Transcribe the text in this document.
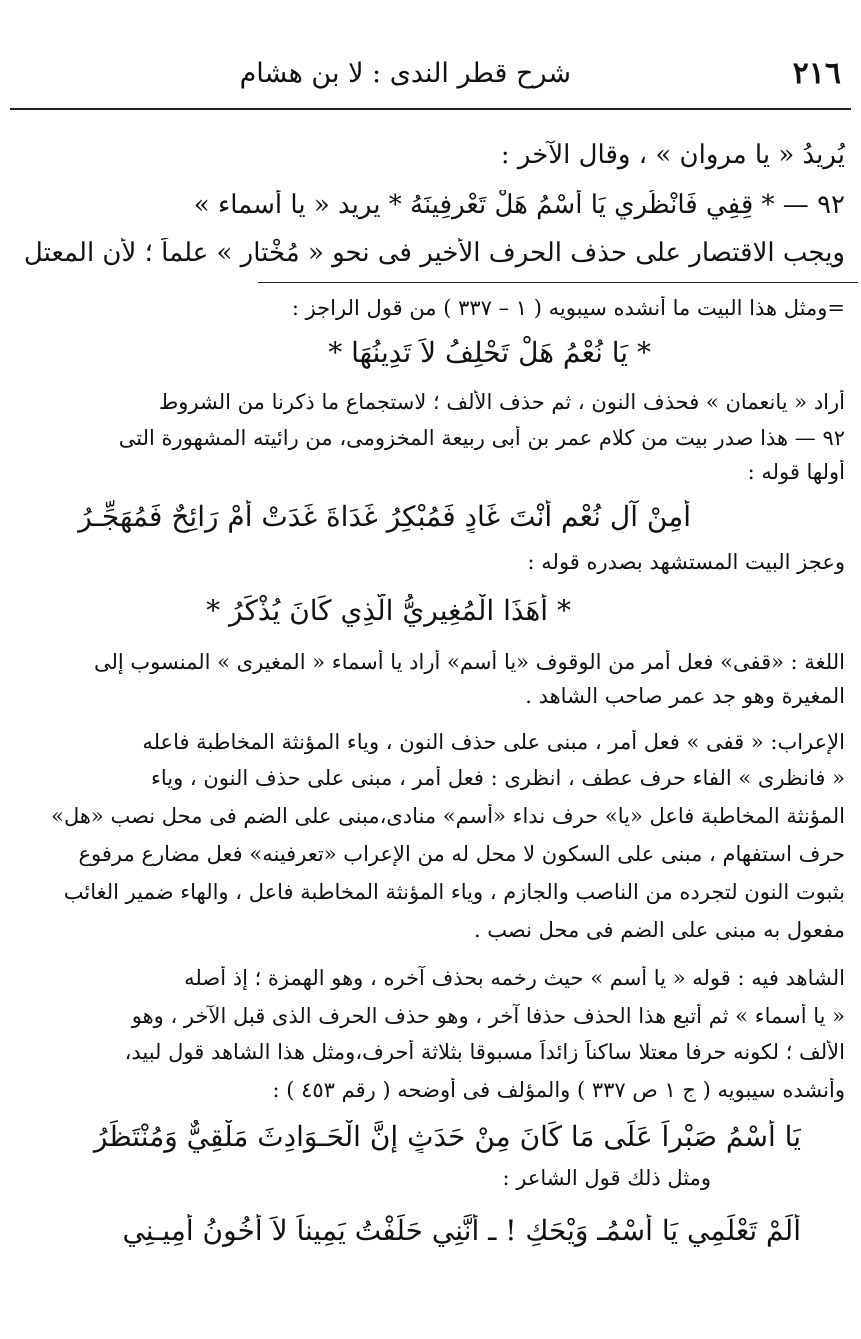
٢١٦
شرح قطر الندى : لا بن هشام
يُرِيدُ « يا مروان » ، وقال الآخر :
٩٢ — * قِفِي فَانْظُرِي يَا أَسْمُ هَلْ تَعْرِفِينَهُ * يريد « يا أسماء »
ويجب الاقتصار على حذف الحرف الأخير فى نحو « مُخْتار » علماً ؛ لأن المعتل
=ومثل هذا البيت ما أنشده سيبويه ( ١ – ٣٣٧ ) من قول الراجز :
* يَا نُعْمُ هَلْ تَحْلِفُ لاَ تَدِينُهَا *
أراد « يانعمان » فحذف النون ، ثم حذف الألف ؛ لاستجماع ما ذكرنا من الشروط
٩٢ — هذا صدر بيت من كلام عمر بن أبى ربيعة المخزومى، من رائيته المشهورة التى
أولها قوله :
أَمِنْ آلِ نُعْمٍ أَنْتَ غَادٍ فَمُبْكِرُ غَدَاةَ غَدَتْ أَمْ رَائِحٌ فَمُهَجِّـرُ
وعجز البيت المستشهد بصدره قوله :
* أَهَذَا الْمُغِيرِيُّ الَّذِي كَانَ يُذْكَرُ *
اللغة : «قفى» فعل أمر من الوقوف «يا أسم» أراد يا أسماء « المغيرى » المنسوب إلى
المغيرة وهو جد عمر صاحب الشاهد .
الإعراب: « قفى » فعل أمر ، مبنى على حذف النون ، وياء المؤنثة المخاطبة فاعله
« فانظرى » الفاء حرف عطف ، انظرى : فعل أمر ، مبنى على حذف النون ، وياء
المؤنثة المخاطبة فاعل «يا» حرف نداء «أسم» منادى،مبنى على الضم فى محل نصب «هل»
حرف استفهام ، مبنى على السكون لا محل له من الإعراب «تعرفينه» فعل مضارع مرفوع
بثبوت النون لتجرده من الناصب والجازم ، وياء المؤنثة المخاطبة فاعل ، والهاء ضمير الغائب
مفعول به مبنى على الضم فى محل نصب .
الشاهد فيه : قوله « يا أسم » حيث رخمه بحذف آخره ، وهو الهمزة ؛ إذ أصله
« يا أسماء » ثم أتبع هذا الحذف حذفا آخر ، وهو حذف الحرف الذى قبل الآخر ، وهو
الألف ؛ لكونه حرفا معتلا ساكناً زائداً مسبوقا بثلاثة أحرف،ومثل هذا الشاهد قول لبيد،
وأنشده سيبويه ( ج ١ ص ٣٣٧ ) والمؤلف فى أوضحه ( رقم ٤٥٣ ) :
يَا أَسْمُ صَبْراً عَلَى مَا كَانَ مِنْ حَدَثٍ إِنَّ الْحَـوَادِثَ مَلْقِيٌّ وَمُنْتَظَرُ
ومثل ذلك قول الشاعر :
أَلَمْ تَعْلَمِي يَا أَسْمُـ وَيْحَكِ ! ـ أَنَّنِي حَلَفْتُ يَمِيناً لاَ أَخُونُ أَمِيـنِي
